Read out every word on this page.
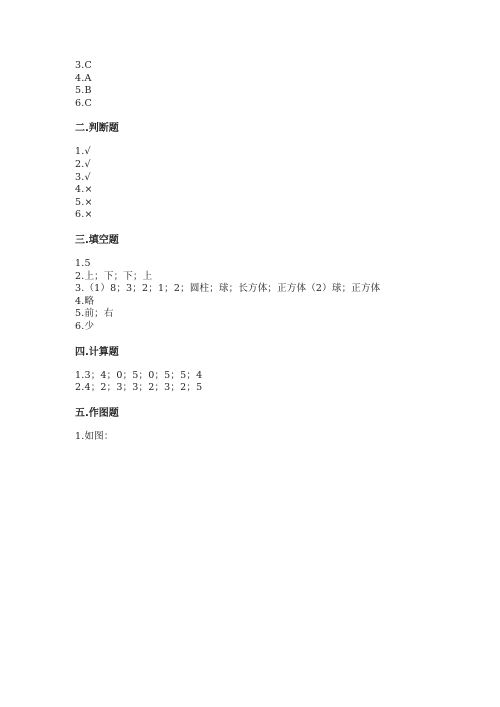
3.C
4.A
5.B
6.C
二.判断题
1.√
2.√
3.√
4.×
5.×
6.×
三.填空题
1.5
2.上；下；下；上
3.（1）8；3；2；1；2；圆柱；球；长方体；正方体（2）球；正方体
4.略
5.前；右
6.少
四.计算题
1.3；4；0；5；0；5；5；4
2.4；2；3；3；2；3；2；5
五.作图题
1.如图：
